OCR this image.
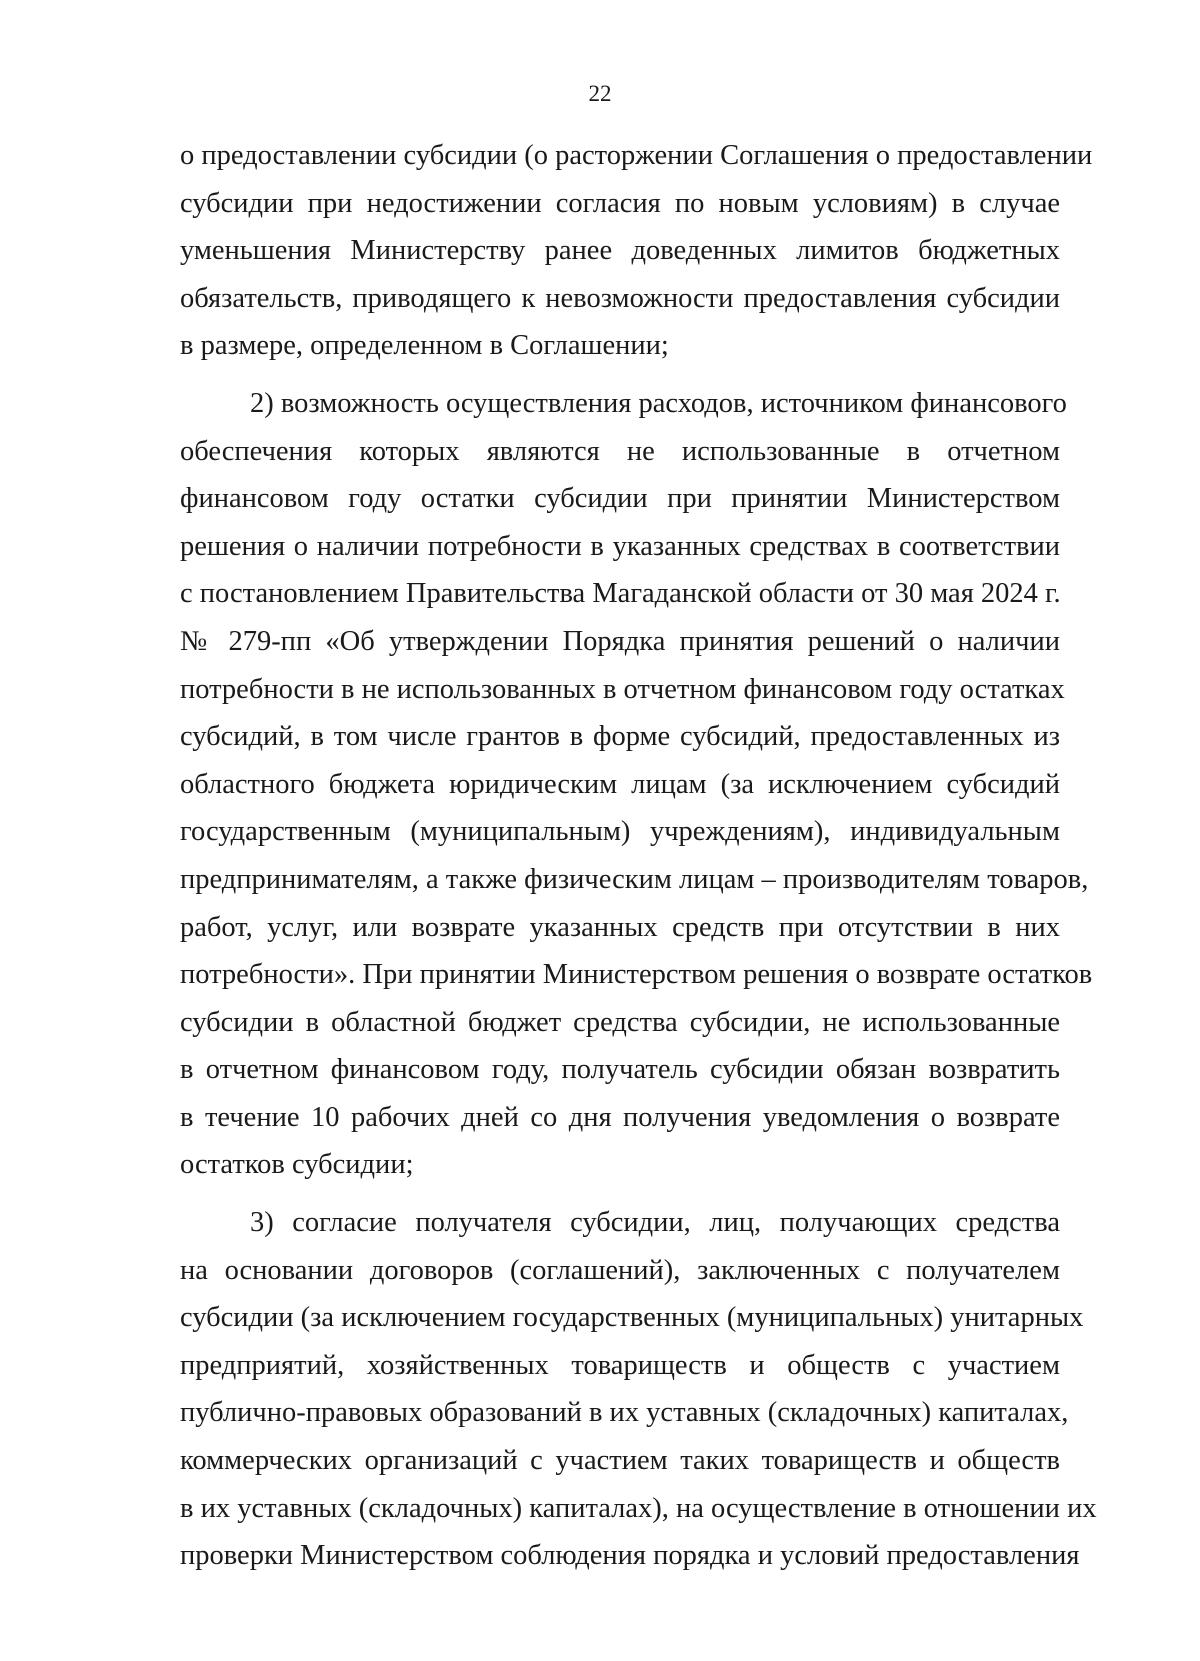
22
о предоставлении субсидии (о расторжении Соглашения о предоставлении
субсидии при недостижении согласия по новым условиям) в случае
уменьшения Министерству ранее доведенных лимитов бюджетных
обязательств, приводящего к невозможности предоставления субсидии
в размере, определенном в Соглашении;
2) возможность осуществления расходов, источником финансового
обеспечения которых являются не использованные в отчетном
финансовом году остатки субсидии при принятии Министерством
решения о наличии потребности в указанных средствах в соответствии
с постановлением Правительства Магаданской области от 30 мая 2024 г.
№ 279-пп «Об утверждении Порядка принятия решений о наличии
потребности в не использованных в отчетном финансовом году остатках
субсидий, в том числе грантов в форме субсидий, предоставленных из
областного бюджета юридическим лицам (за исключением субсидий
государственным (муниципальным) учреждениям), индивидуальным
предпринимателям, а также физическим лицам – производителям товаров,
работ, услуг, или возврате указанных средств при отсутствии в них
потребности». При принятии Министерством решения о возврате остатков
субсидии в областной бюджет средства субсидии, не использованные
в отчетном финансовом году, получатель субсидии обязан возвратить
в течение 10 рабочих дней со дня получения уведомления о возврате
остатков субсидии;
3) согласие получателя субсидии, лиц, получающих средства
на основании договоров (соглашений), заключенных с получателем
субсидии (за исключением государственных (муниципальных) унитарных
предприятий, хозяйственных товариществ и обществ с участием
публично-правовых образований в их уставных (складочных) капиталах,
коммерческих организаций с участием таких товариществ и обществ
в их уставных (складочных) капиталах), на осуществление в отношении их
проверки Министерством соблюдения порядка и условий предоставления
